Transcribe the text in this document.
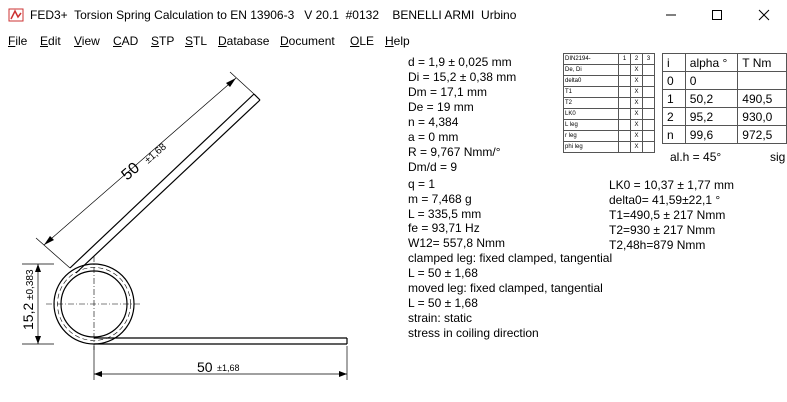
FED3+  Torsion Spring Calculation to EN 13906-3   V 20.1  #0132    BENELLI ARMI  Urbino
File Edit View CAD STP STL Database Document OLE Help
50
±1,68
15,2
±0,383
50 ±1,68
d = 1,9 ± 0,025 mm
Di = 15,2 ± 0,38 mm
Dm = 17,1 mm
De = 19 mm
n = 4,384
a = 0 mm
R = 9,767 Nmm/°
Dm/d = 9
q = 1
m = 7,468 g
L = 335,5 mm
fe = 93,71 Hz
W12= 557,8 Nmm
clamped leg: fixed clamped, tangential
L = 50 ± 1,68
moved leg: fixed clamped, tangential
L = 50 ± 1,68
strain: static
stress in coiling direction
DIN2194-	1	2	3
De, Di		X	
delta0		X	
T1		X	
T2		X	
LK0		X	
L leg		X	
r leg		X	
phi leg		X	
i	alpha °	T Nm
0	0	
1	50,2	490,5
2	95,2	930,0
n	99,6	972,5
al.h = 45°	sig
LK0 = 10,37 ± 1,77 mm
delta0= 41,59±22,1 °
T1=490,5 ± 217 Nmm
T2=930 ± 217 Nmm
T2,48h=879 Nmm
